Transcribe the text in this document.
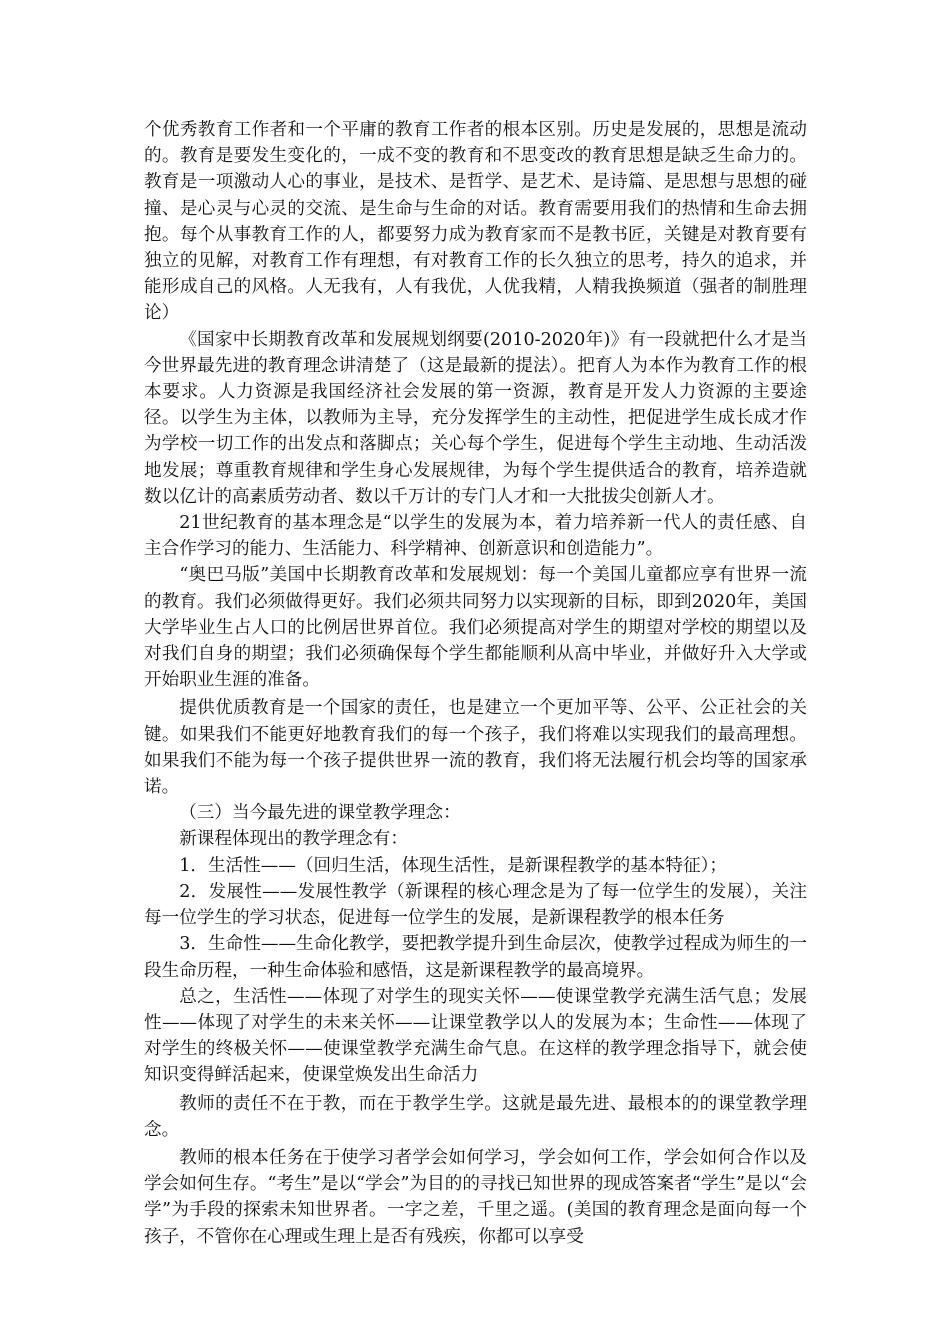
个优秀教育工作者和一个平庸的教育工作者的根本区别。历史是发展的，思想是流动的。教育是要发生变化的，一成不变的教育和不思变改的教育思想是缺乏生命力的。教育是一项激动人心的事业，是技术、是哲学、是艺术、是诗篇、是思想与思想的碰撞、是心灵与心灵的交流、是生命与生命的对话。教育需要用我们的热情和生命去拥抱。每个从事教育工作的人，都要努力成为教育家而不是教书匠，关键是对教育要有独立的见解，对教育工作有理想，有对教育工作的长久独立的思考，持久的追求，并能形成自己的风格。人无我有，人有我优，人优我精，人精我换频道（强者的制胜理论）

《国家中长期教育改革和发展规划纲要(2010-2020年)》有一段就把什么才是当今世界最先进的教育理念讲清楚了（这是最新的提法）。把育人为本作为教育工作的根本要求。人力资源是我国经济社会发展的第一资源，教育是开发人力资源的主要途径。以学生为主体，以教师为主导，充分发挥学生的主动性，把促进学生成长成才作为学校一切工作的出发点和落脚点；关心每个学生，促进每个学生主动地、生动活泼地发展；尊重教育规律和学生身心发展规律，为每个学生提供适合的教育，培养造就数以亿计的高素质劳动者、数以千万计的专门人才和一大批拔尖创新人才。

21世纪教育的基本理念是“以学生的发展为本，着力培养新一代人的责任感、自主合作学习的能力、生活能力、科学精神、创新意识和创造能力”。

“奥巴马版”美国中长期教育改革和发展规划：每一个美国儿童都应享有世界一流的教育。我们必须做得更好。我们必须共同努力以实现新的目标，即到2020年，美国大学毕业生占人口的比例居世界首位。我们必须提高对学生的期望对学校的期望以及对我们自身的期望；我们必须确保每个学生都能顺利从高中毕业，并做好升入大学或开始职业生涯的准备。

提供优质教育是一个国家的责任，也是建立一个更加平等、公平、公正社会的关键。如果我们不能更好地教育我们的每一个孩子，我们将难以实现我们的最高理想。如果我们不能为每一个孩子提供世界一流的教育，我们将无法履行机会均等的国家承诺。

（三）当今最先进的课堂教学理念：

新课程体现出的教学理念有：

1．生活性——（回归生活，体现生活性，是新课程教学的基本特征）；

2．发展性——发展性教学（新课程的核心理念是为了每一位学生的发展），关注每一位学生的学习状态，促进每一位学生的发展，是新课程教学的根本任务

3．生命性——生命化教学，要把教学提升到生命层次，使教学过程成为师生的一段生命历程，一种生命体验和感悟，这是新课程教学的最高境界。

总之，生活性——体现了对学生的现实关怀——使课堂教学充满生活气息；发展性——体现了对学生的未来关怀——让课堂教学以人的发展为本；生命性——体现了对学生的终极关怀——使课堂教学充满生命气息。在这样的教学理念指导下，就会使知识变得鲜活起来，使课堂焕发出生命活力

教师的责任不在于教，而在于教学生学。这就是最先进、最根本的的课堂教学理念。

教师的根本任务在于使学习者学会如何学习，学会如何工作，学会如何合作以及学会如何生存。“考生”是以“学会”为目的的寻找已知世界的现成答案者“学生”是以“会学”为手段的探索未知世界者。一字之差，千里之遥。(美国的教育理念是面向每一个孩子，不管你在心理或生理上是否有残疾，你都可以享受
